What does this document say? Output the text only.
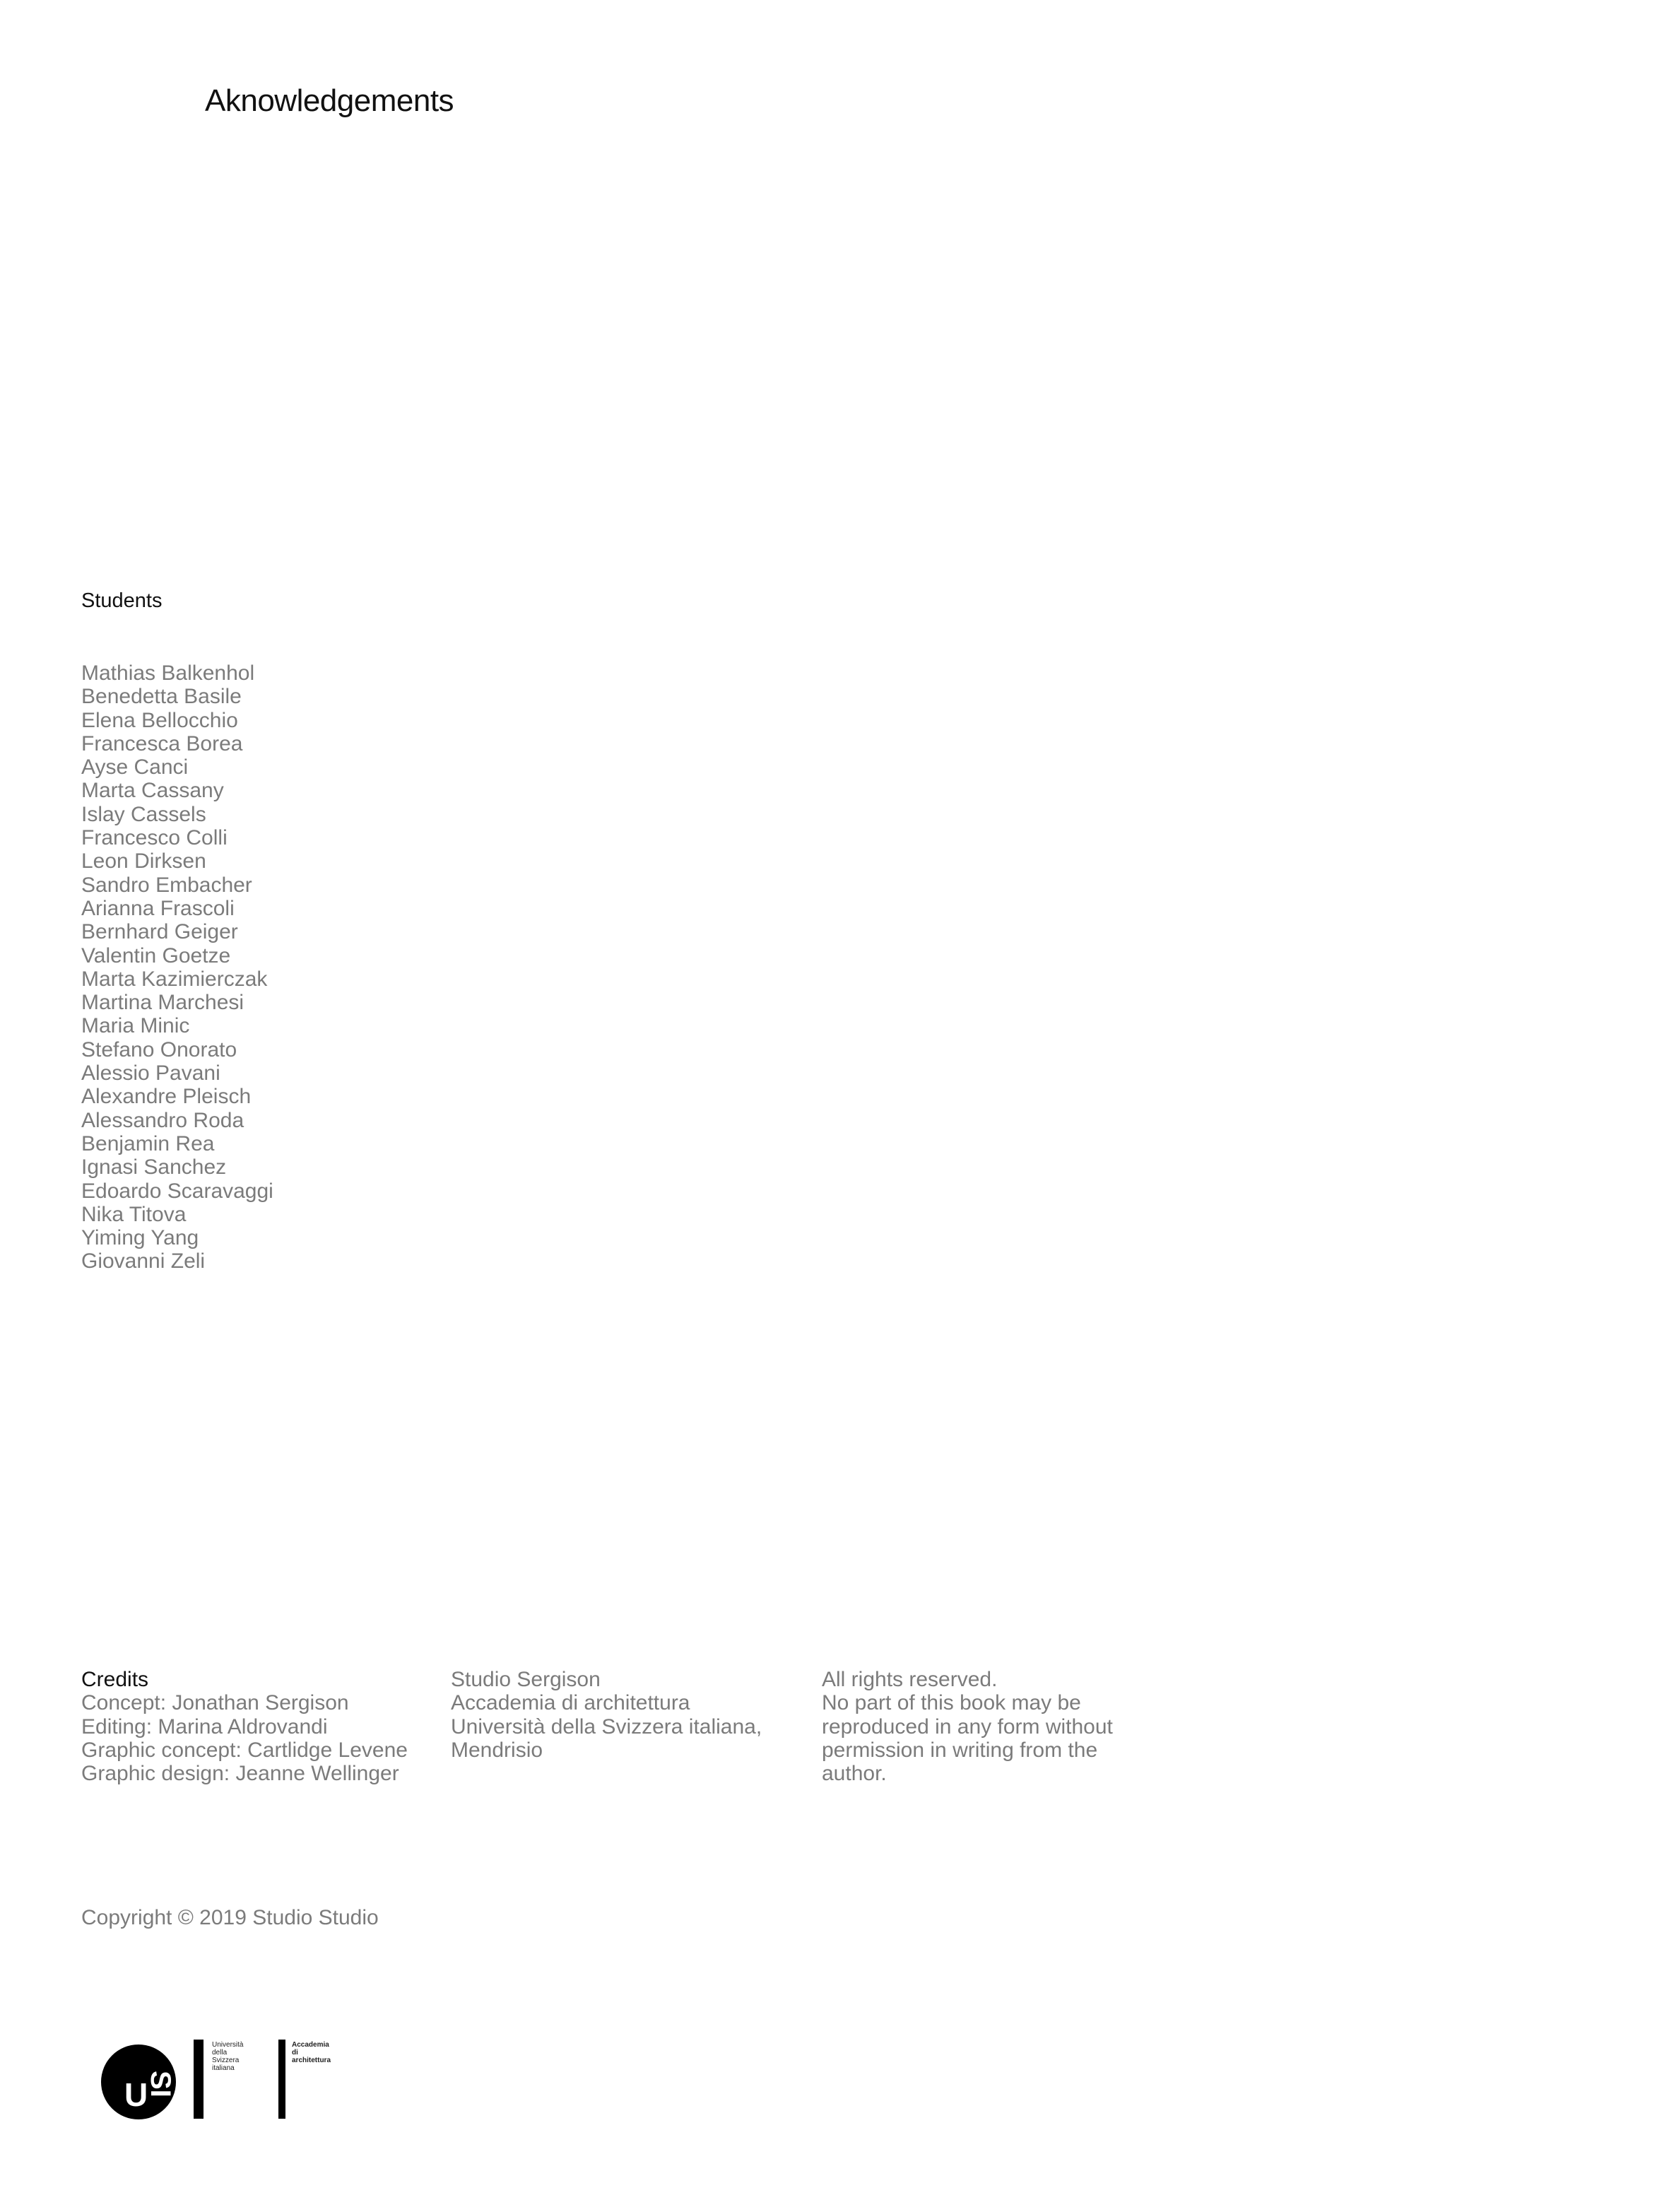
Aknowledgements
Students
Mathias Balkenhol
Benedetta Basile
Elena Bellocchio
Francesca Borea
Ayse Canci
Marta Cassany
Islay Cassels
Francesco Colli
Leon Dirksen
Sandro Embacher
Arianna Frascoli
Bernhard Geiger
Valentin Goetze
Marta Kazimierczak
Martina Marchesi
Maria Minic
Stefano Onorato
Alessio Pavani
Alexandre Pleisch
Alessandro Roda
Benjamin Rea
Ignasi Sanchez
Edoardo Scaravaggi
Nika Titova
Yiming Yang
Giovanni Zeli
Credits
Concept: Jonathan Sergison
Editing: Marina Aldrovandi
Graphic concept: Cartlidge Levene
Graphic design: Jeanne Wellinger
Studio Sergison
Accademia di architettura
Università della Svizzera italiana,
Mendrisio
All rights reserved.
No part of this book may be
reproduced in any form without
permission in writing from the
author.
Copyright © 2019 Studio Studio
U
SI
Università
della
Svizzera
italiana
Accademia
di
architettura
